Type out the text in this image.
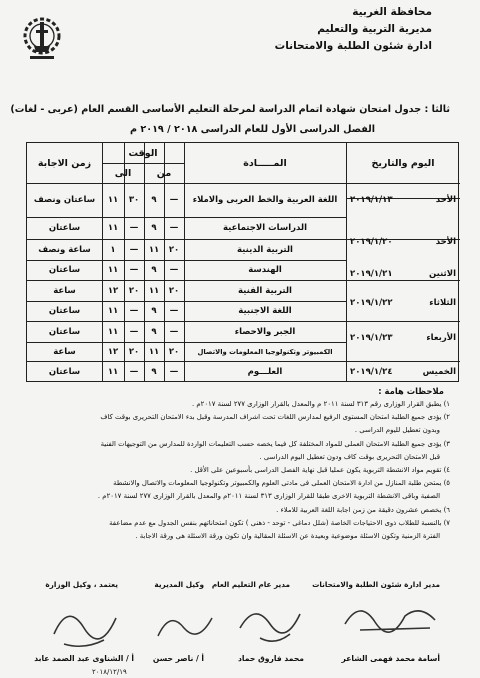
محافظة الغربية
مديرية التربية والتعليم
ادارة شئون الطلبة والامتحانات
ثالثا : جدول امتحان شهادة اتمام الدراسة لمرحلة التعليم الأساسى القسم العام (عربى - لغات)
الفصل الدراسى الأول للعام الدراسى ٢٠١٨ / ٢٠١٩ م
اليوم والتاريخ
المـــــادة
الوقت
من
الى
زمن الاجابة
الأحد
٢٠١٩/١/١٣
الأحد
٢٠١٩/١/٢٠
الاثنين
٢٠١٩/١/٢١
الثلاثاء
٢٠١٩/١/٢٢
الأربعاء
٢٠١٩/١/٢٣
الخميس
٢٠١٩/١/٢٤
اللغة العربية والخط العربى والاملاء
—
٩
٣٠
١١
ساعتان ونصف
الدراسات الاجتماعية
—
٩
—
١١
ساعتان
التربية الدينية
٢٠
١١
—
١
ساعة ونصف
الهندسة
—
٩
—
١١
ساعتان
التربية الفنية
٢٠
١١
٢٠
١٢
ساعة
اللغة الاجنبية
—
٩
—
١١
ساعتان
الجبر والاحصاء
—
٩
—
١١
ساعتان
الكمبيوتر وتكنولوجيا المعلومات والاتصال
٢٠
١١
٢٠
١٢
ساعة
العلـــوم
—
٩
—
١١
ساعتان
ملاحظات هامة :
١) يطبق القرار الوزارى رقم ٣١٣ لسنة ٢٠١١ م والمعدل بالقرار الوزارى ٢٧٧ لسنة ٢٠١٧م .
٢) يؤدى جميع الطلبة امتحان المستوى الرفيع لمدارس اللغات تحت اشراف المدرسة وقبل بدء الامتحان التحريرى بوقت كاف
وبدون تعطيل لليوم الدراسى .
٣) يؤدى جميع الطلبة الامتحان العملى للمواد المختلفة كل فيما يخصه حسب التعليمات الواردة للمدارس من التوجيهات الفنية
قبل الامتحان التحريرى بوقت كاف ودون تعطيل اليوم الدراسى .
٤) تقويم مواد الانشطة التربوية يكون عمليا قبل نهاية الفصل الدراسى بأسبوعين على الأقل .
٥) يمتحن طلبة المنازل من ادارة الامتحان العملى فى مادتى العلوم والكمبيوتر وتكنولوجيا المعلومات والاتصال والانشطة
الصفية وباقى الانشطة التربوية الاخرى طبقا للقرار الوزارى ٣١٣ لسنة ٢٠١١م والمعدل بالقرار الوزارى ٢٧٧ لسنة ٢٠١٧م .
٦) يخصص عشرون دقيقة من زمن اجابة اللغة العربية للاملاء .
٧) بالنسبة للطلاب ذوى الاحتياجات الخاصة (شلل دماغى - توحد - ذهنى ) تكون امتحاناتهم بنفس الجدول مع عدم مضاعفة
الفترة الزمنية وتكون الاسئلة موضوعية وبعيدة عن الاسئلة المقالية وان تكون ورقة الاسئلة هى ورقة الاجابة .
مدير ادارة شئون الطلبة والامتحانات
مدير عام التعليم العام
وكيل المديرية
يعتمد ، وكيل الوزارة
أسامة محمد فهمى الشاعر
محمد فاروق حماد
أ / ناصر حسن
أ / الشناوى عبد الصمد عابد
٢٠١٨/١٢/١٩
